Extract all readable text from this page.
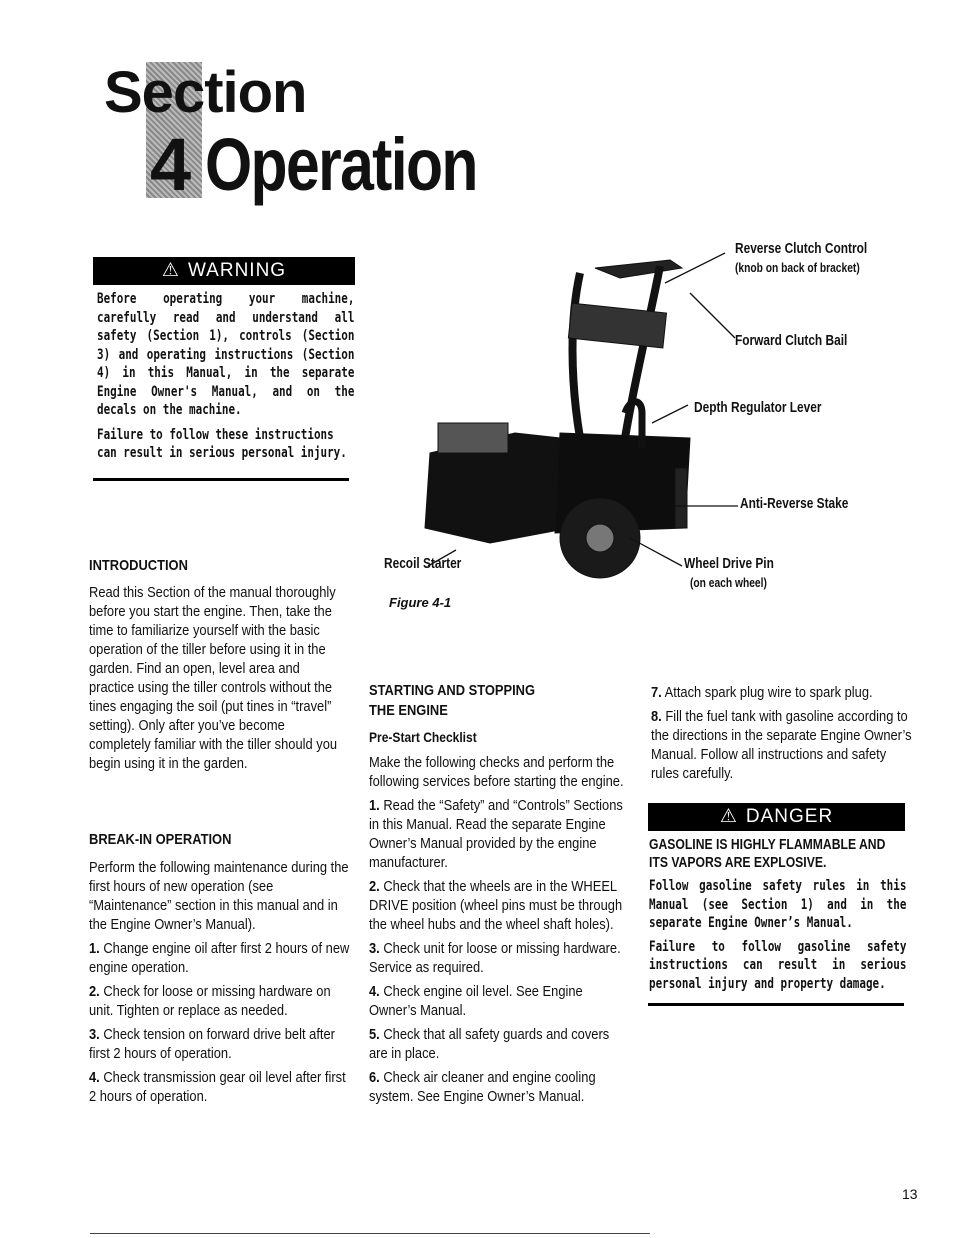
Section
4 Operation
⚠ WARNING
Before operating your machine, carefully read and understand all safety (Section 1), controls (Section 3) and operating instructions (Section 4) in this Manual, in the separate Engine Owner's Manual, and on the decals on the machine.
Failure to follow these instructions can result in serious personal injury.
Reverse Clutch Control
(knob on back of bracket)
Forward Clutch Bail
Depth Regulator Lever
Anti-Reverse Stake
Wheel Drive Pin
(on each wheel)
Recoil Starter
Figure 4-1
INTRODUCTION
Read this Section of the manual thoroughly before you start the engine. Then, take the time to familiarize yourself with the basic operation of the tiller before using it in the garden. Find an open, level area and practice using the tiller controls without the tines engaging the soil (put tines in “travel” setting). Only after you’ve become completely familiar with the tiller should you begin using it in the garden.
BREAK-IN OPERATION
Perform the following maintenance during the first hours of new operation (see “Maintenance” section in this manual and in the Engine Owner’s Manual).
1. Change engine oil after first 2 hours of new engine operation.
2. Check for loose or missing hardware on unit. Tighten or replace as needed.
3. Check tension on forward drive belt after first 2 hours of operation.
4. Check transmission gear oil level after first 2 hours of operation.
STARTING AND STOPPING
THE ENGINE
Pre-Start Checklist
Make the following checks and perform the following services before starting the engine.
1. Read the “Safety” and “Controls” Sections in this Manual. Read the separate Engine Owner’s Manual provided by the engine manufacturer.
2. Check that the wheels are in the WHEEL DRIVE position (wheel pins must be through the wheel hubs and the wheel shaft holes).
3. Check unit for loose or missing hardware. Service as required.
4. Check engine oil level. See Engine Owner’s Manual.
5. Check that all safety guards and covers are in place.
6. Check air cleaner and engine cooling system. See Engine Owner’s Manual.
7. Attach spark plug wire to spark plug.
8. Fill the fuel tank with gasoline according to the directions in the separate Engine Owner’s Manual. Follow all instructions and safety rules carefully.
⚠ DANGER
GASOLINE IS HIGHLY FLAMMABLE AND ITS VAPORS ARE EXPLOSIVE.
Follow gasoline safety rules in this Manual (see Section 1) and in the separate Engine Owner’s Manual.
Failure to follow gasoline safety instructions can result in serious personal injury and property damage.
13
